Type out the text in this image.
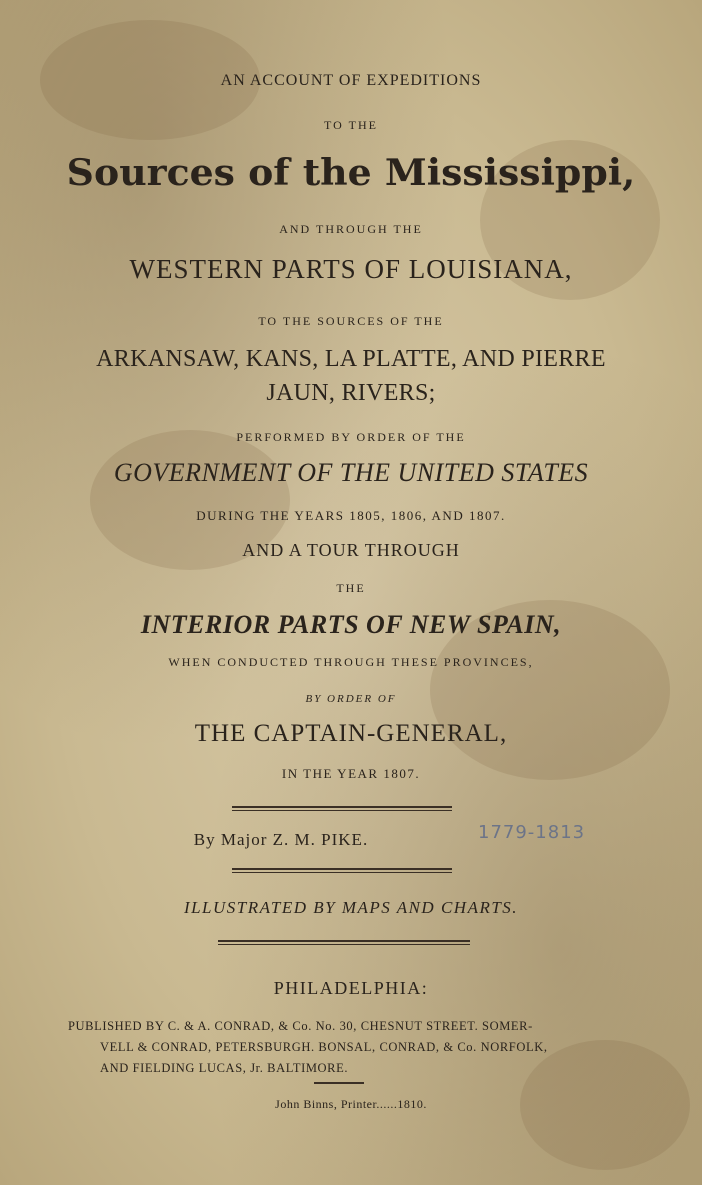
AN ACCOUNT OF EXPEDITIONS
TO THE
Sources of the Mississippi,
AND THROUGH THE
WESTERN PARTS OF LOUISIANA,
TO THE SOURCES OF THE
ARKANSAW, KANS, LA PLATTE, AND PIERRE
JAUN, RIVERS;
PERFORMED BY ORDER OF THE
GOVERNMENT OF THE UNITED STATES
DURING THE YEARS 1805, 1806, AND 1807.
AND A TOUR THROUGH
THE
INTERIOR PARTS OF NEW SPAIN,
WHEN CONDUCTED THROUGH THESE PROVINCES,
BY ORDER OF
THE CAPTAIN-GENERAL,
IN THE YEAR 1807.
By Major Z. M. PIKE.	1779-1813
ILLUSTRATED BY MAPS AND CHARTS.
PHILADELPHIA:
PUBLISHED BY C. & A. CONRAD, & Co. No. 30, CHESNUT STREET. SOMER-
VELL & CONRAD, PETERSBURGH. BONSAL, CONRAD, & Co. NORFOLK,
AND FIELDING LUCAS, Jr. BALTIMORE.
John Binns, Printer......1810.
